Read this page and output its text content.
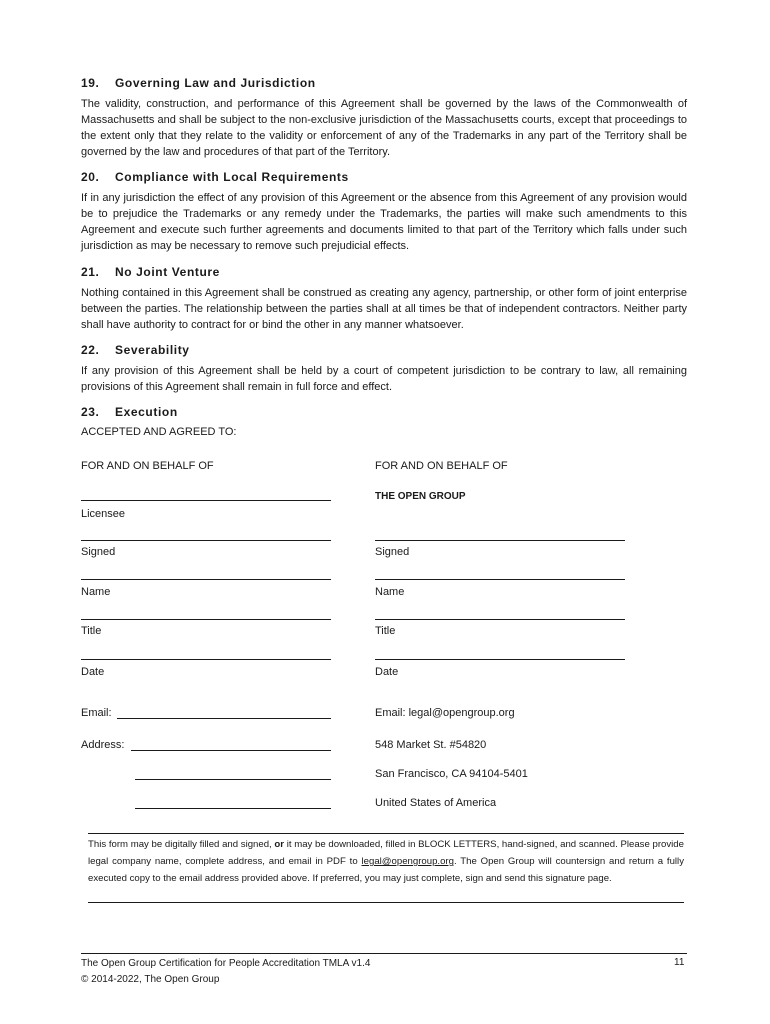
19. Governing Law and Jurisdiction

The validity, construction, and performance of this Agreement shall be governed by the laws of the Commonwealth of Massachusetts and shall be subject to the non-exclusive jurisdiction of the Massachusetts courts, except that proceedings to the extent only that they relate to the validity or enforcement of any of the Trademarks in any part of the Territory shall be governed by the law and procedures of that part of the Territory.

20. Compliance with Local Requirements

If in any jurisdiction the effect of any provision of this Agreement or the absence from this Agreement of any provision would be to prejudice the Trademarks or any remedy under the Trademarks, the parties will make such amendments to this Agreement and execute such further agreements and documents limited to that part of the Territory which falls under such jurisdiction as may be necessary to remove such prejudicial effects.

21. No Joint Venture

Nothing contained in this Agreement shall be construed as creating any agency, partnership, or other form of joint enterprise between the parties. The relationship between the parties shall at all times be that of independent contractors. Neither party shall have authority to contract for or bind the other in any manner whatsoever.

22. Severability

If any provision of this Agreement shall be held by a court of competent jurisdiction to be contrary to law, all remaining provisions of this Agreement shall remain in full force and effect.

23. Execution

ACCEPTED AND AGREED TO:

FOR AND ON BEHALF OF
Licensee
Signed
Name
Title
Date
Email:
Address:
FOR AND ON BEHALF OF
THE OPEN GROUP
Signed
Name
Title
Date
Email: legal@opengroup.org
548 Market St. #54820
San Francisco, CA 94104-5401
United States of America

This form may be digitally filled and signed, or it may be downloaded, filled in BLOCK LETTERS, hand-signed, and scanned. Please provide legal company name, complete address, and email in PDF to legal@opengroup.org. The Open Group will countersign and return a fully executed copy to the email address provided above. If preferred, you may just complete, sign and send this signature page.

The Open Group Certification for People Accreditation TMLA v1.4
© 2014-2022, The Open Group
11
